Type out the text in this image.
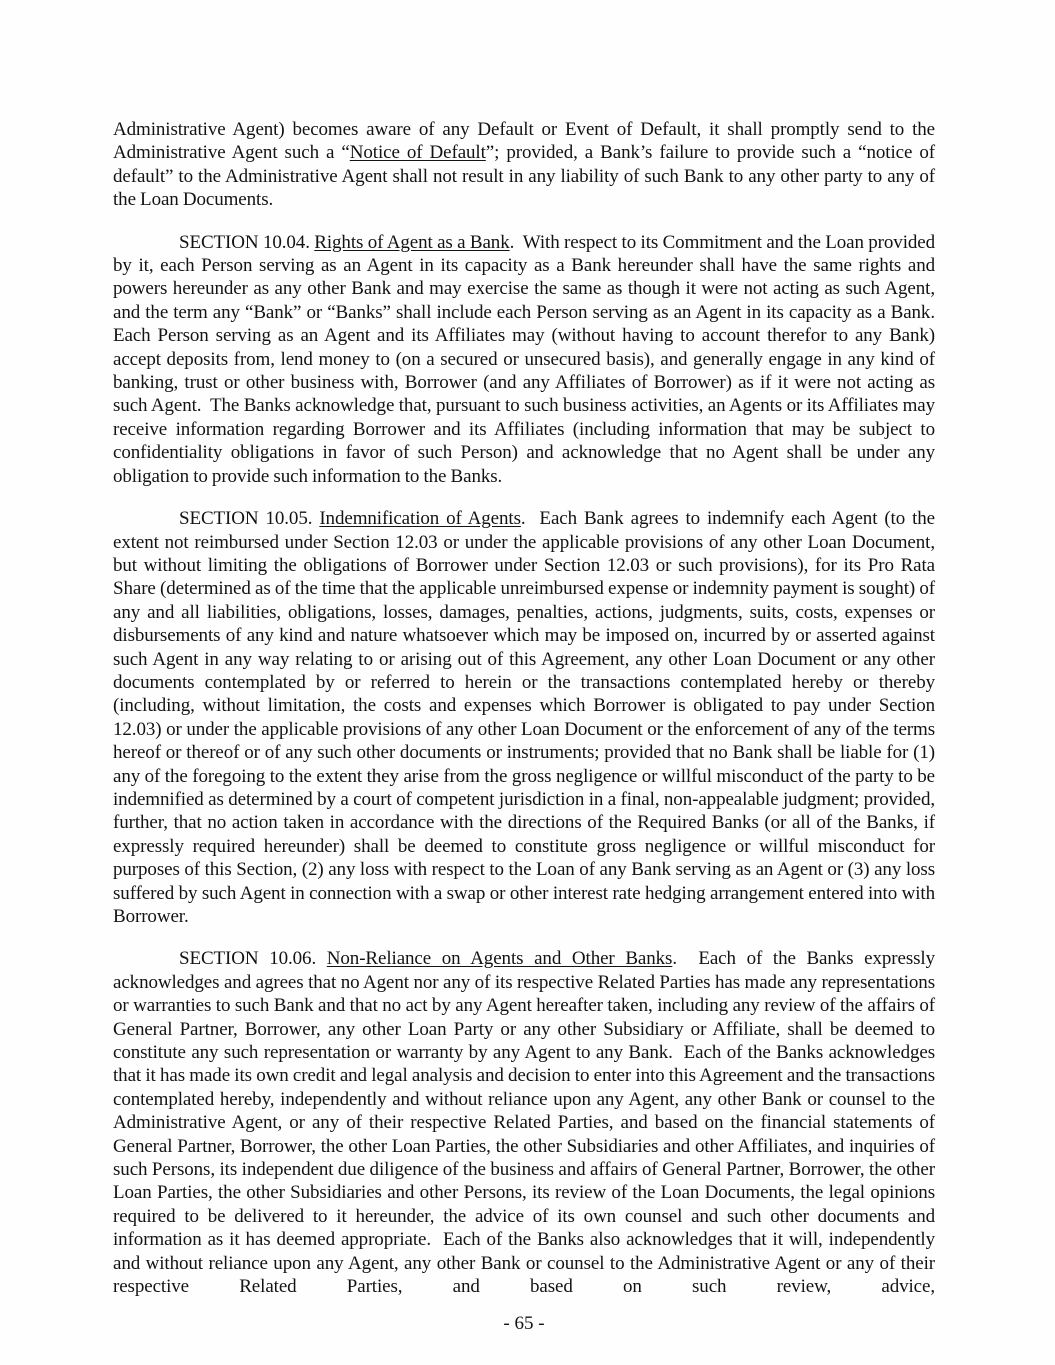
Administrative Agent) becomes aware of any Default or Event of Default, it shall promptly send to the Administrative Agent such a “Notice of Default”; provided, a Bank’s failure to provide such a “notice of default” to the Administrative Agent shall not result in any liability of such Bank to any other party to any of the Loan Documents.

SECTION 10.04. Rights of Agent as a Bank.  With respect to its Commitment and the Loan provided by it, each Person serving as an Agent in its capacity as a Bank hereunder shall have the same rights and powers hereunder as any other Bank and may exercise the same as though it were not acting as such Agent, and the term any “Bank” or “Banks” shall include each Person serving as an Agent in its capacity as a Bank. Each Person serving as an Agent and its Affiliates may (without having to account therefor to any Bank) accept deposits from, lend money to (on a secured or unsecured basis), and generally engage in any kind of banking, trust or other business with, Borrower (and any Affiliates of Borrower) as if it were not acting as such Agent.  The Banks acknowledge that, pursuant to such business activities, an Agents or its Affiliates may receive information regarding Borrower and its Affiliates (including information that may be subject to confidentiality obligations in favor of such Person) and acknowledge that no Agent shall be under any obligation to provide such information to the Banks.

SECTION 10.05. Indemnification of Agents.  Each Bank agrees to indemnify each Agent (to the extent not reimbursed under Section 12.03 or under the applicable provisions of any other Loan Document, but without limiting the obligations of Borrower under Section 12.03 or such provisions), for its Pro Rata Share (determined as of the time that the applicable unreimbursed expense or indemnity payment is sought) of any and all liabilities, obligations, losses, damages, penalties, actions, judgments, suits, costs, expenses or disbursements of any kind and nature whatsoever which may be imposed on, incurred by or asserted against such Agent in any way relating to or arising out of this Agreement, any other Loan Document or any other documents contemplated by or referred to herein or the transactions contemplated hereby or thereby (including, without limitation, the costs and expenses which Borrower is obligated to pay under Section 12.03) or under the applicable provisions of any other Loan Document or the enforcement of any of the terms hereof or thereof or of any such other documents or instruments; provided that no Bank shall be liable for (1) any of the foregoing to the extent they arise from the gross negligence or willful misconduct of the party to be indemnified as determined by a court of competent jurisdiction in a final, non-appealable judgment; provided, further, that no action taken in accordance with the directions of the Required Banks (or all of the Banks, if expressly required hereunder) shall be deemed to constitute gross negligence or willful misconduct for purposes of this Section, (2) any loss with respect to the Loan of any Bank serving as an Agent or (3) any loss suffered by such Agent in connection with a swap or other interest rate hedging arrangement entered into with Borrower.

SECTION 10.06. Non-Reliance on Agents and Other Banks.  Each of the Banks expressly acknowledges and agrees that no Agent nor any of its respective Related Parties has made any representations or warranties to such Bank and that no act by any Agent hereafter taken, including any review of the affairs of General Partner, Borrower, any other Loan Party or any other Subsidiary or Affiliate, shall be deemed to constitute any such representation or warranty by any Agent to any Bank.  Each of the Banks acknowledges that it has made its own credit and legal analysis and decision to enter into this Agreement and the transactions contemplated hereby, independently and without reliance upon any Agent, any other Bank or counsel to the Administrative Agent, or any of their respective Related Parties, and based on the financial statements of General Partner, Borrower, the other Loan Parties, the other Subsidiaries and other Affiliates, and inquiries of such Persons, its independent due diligence of the business and affairs of General Partner, Borrower, the other Loan Parties, the other Subsidiaries and other Persons, its review of the Loan Documents, the legal opinions required to be delivered to it hereunder, the advice of its own counsel and such other documents and information as it has deemed appropriate.  Each of the Banks also acknowledges that it will, independently and without reliance upon any Agent, any other Bank or counsel to the Administrative Agent or any of their respective Related Parties, and based on such review, advice,

- 65 -
